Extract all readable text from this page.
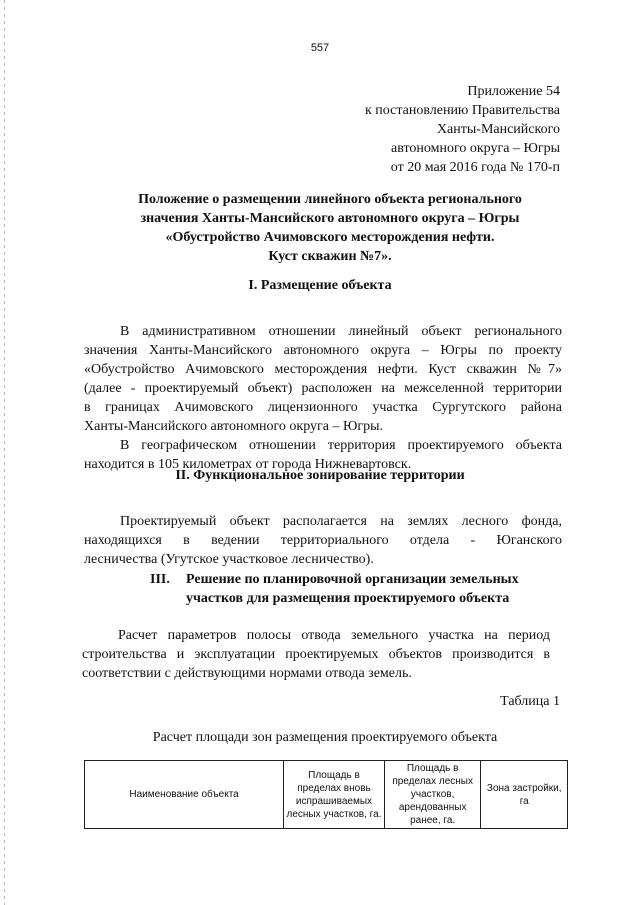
557
Приложение 54
к постановлению Правительства
Ханты-Мансийского
автономного округа – Югры
от 20 мая 2016 года № 170-п
Положение о размещении линейного объекта регионального
значения Ханты-Мансийского автономного округа – Югры
«Обустройство Ачимовского месторождения нефти.
Куст скважин №7».
I. Размещение объекта
В административном отношении линейный объект регионального
значения Ханты-Мансийского автономного округа – Югры по проекту
«Обустройство Ачимовского месторождения нефти. Куст скважин №7»
(далее - проектируемый объект) расположен на межселенной территории
в границах Ачимовского лицензионного участка Сургутского района
Ханты-Мансийского автономного округа – Югры.
В географическом отношении территория проектируемого объекта
находится в 105 километрах от города Нижневартовск.
II. Функциональное зонирование территории
Проектируемый объект располагается на землях лесного фонда,
находящихся в ведении территориального отдела - Юганского
лесничества (Угутское участковое лесничество).
III. Решение по планировочной организации земельных
участков для размещения проектируемого объекта
Расчет параметров полосы отвода земельного участка на период
строительства и эксплуатации проектируемых объектов производится в
соответствии с действующими нормами отвода земель.
Таблица 1
Расчет площади зон размещения проектируемого объекта
Наименование объекта	Площадь в пределах вновь испрашиваемых лесных участков, га.	Площадь в пределах лесных участков, арендованных ранее, га.	Зона застройки, га
